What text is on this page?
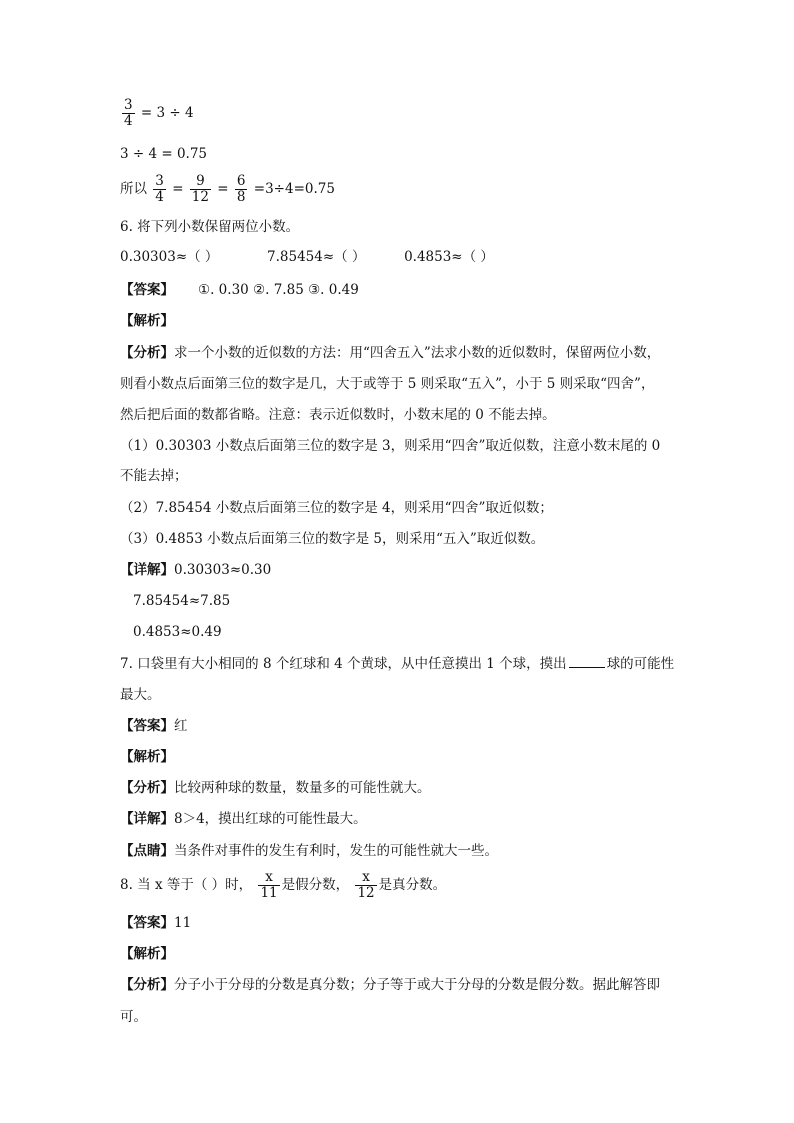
$\frac{3}{4} = 3 \div 4$
3 ÷ 4 = 0.75
所以 $\frac{3}{4} = \frac{9}{12} = \frac{6}{8} =3\div 4=0.75$
6. 将下列小数保留两位小数。
0.30303≈（ ）	7.85454≈（ ）	0.4853≈（ ）
【答案】 ①. 0.30 ②. 7.85 ③. 0.49
【解析】
【分析】求一个小数的近似数的方法：用“四舍五入”法求小数的近似数时，保留两位小数，
则看小数点后面第三位的数字是几，大于或等于 5 则采取“五入”，小于 5 则采取“四舍”，
然后把后面的数都省略。注意：表示近似数时，小数末尾的 0 不能去掉。
（1）0.30303 小数点后面第三位的数字是 3，则采用“四舍”取近似数，注意小数末尾的 0
不能去掉；
（2）7.85454 小数点后面第三位的数字是 4，则采用“四舍”取近似数；
（3）0.4853 小数点后面第三位的数字是 5，则采用“五入”取近似数。
【详解】0.30303≈0.30
7.85454≈7.85
0.4853≈0.49
7. 口袋里有大小相同的 8 个红球和 4 个黄球，从中任意摸出 1 个球，摸出	球的可能性
最大。
【答案】红
【解析】
【分析】比较两种球的数量，数量多的可能性就大。
【详解】8＞4，摸出红球的可能性最大。
【点睛】当条件对事件的发生有利时，发生的可能性就大一些。
8. 当 x 等于（ ）时， $\frac{x}{11}$ 是假分数， $\frac{x}{12}$ 是真分数。
【答案】11
【解析】
【分析】分子小于分母的分数是真分数；分子等于或大于分母的分数是假分数。据此解答即
可。
